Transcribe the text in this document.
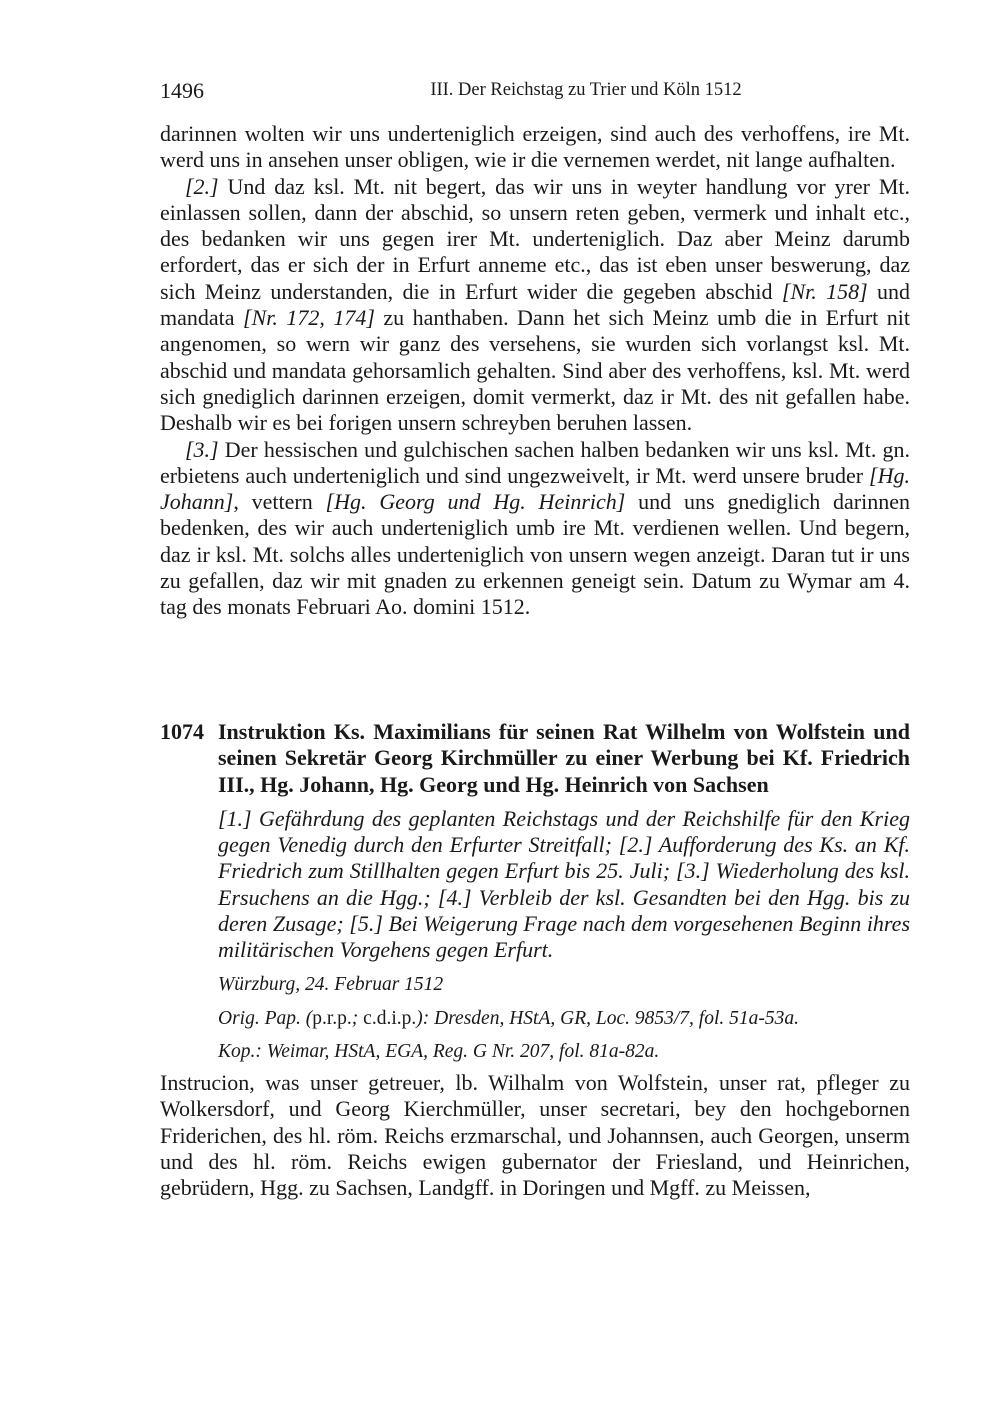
1496	III. Der Reichstag zu Trier und Köln 1512

darinnen wolten wir uns underteniglich erzeigen, sind auch des verhoffens, ire Mt. werd uns in ansehen unser obligen, wie ir die vernemen werdet, nit lange aufhalten.

[2.] Und daz ksl. Mt. nit begert, das wir uns in weyter handlung vor yrer Mt. einlassen sollen, dann der abschid, so unsern reten geben, vermerk und inhalt etc., des bedanken wir uns gegen irer Mt. underteniglich. Daz aber Meinz darumb erfordert, das er sich der in Erfurt anneme etc., das ist eben unser beswerung, daz sich Meinz understanden, die in Erfurt wider die gegeben abschid [Nr. 158] und mandata [Nr. 172, 174] zu hanthaben. Dann het sich Meinz umb die in Erfurt nit angenomen, so wern wir ganz des versehens, sie wurden sich vorlangst ksl. Mt. abschid und mandata gehorsamlich gehalten. Sind aber des verhoffens, ksl. Mt. werd sich gnediglich darinnen erzeigen, domit vermerkt, daz ir Mt. des nit gefallen habe. Deshalb wir es bei forigen unsern schreyben beruhen lassen.

[3.] Der hessischen und gulchischen sachen halben bedanken wir uns ksl. Mt. gn. erbietens auch underteniglich und sind ungezweivelt, ir Mt. werd unsere bruder [Hg. Johann], vettern [Hg. Georg und Hg. Heinrich] und uns gnediglich darinnen bedenken, des wir auch underteniglich umb ire Mt. verdienen wellen. Und begern, daz ir ksl. Mt. solchs alles underteniglich von unsern wegen anzeigt. Daran tut ir uns zu gefallen, daz wir mit gnaden zu erkennen geneigt sein. Datum zu Wymar am 4. tag des monats Februari Ao. domini 1512.

1074 Instruktion Ks. Maximilians für seinen Rat Wilhelm von Wolfstein und seinen Sekretär Georg Kirchmüller zu einer Werbung bei Kf. Friedrich III., Hg. Johann, Hg. Georg und Hg. Heinrich von Sachsen

[1.] Gefährdung des geplanten Reichstags und der Reichshilfe für den Krieg gegen Venedig durch den Erfurter Streitfall; [2.] Aufforderung des Ks. an Kf. Friedrich zum Stillhalten gegen Erfurt bis 25. Juli; [3.] Wiederholung des ksl. Ersuchens an die Hgg.; [4.] Verbleib der ksl. Gesandten bei den Hgg. bis zu deren Zusage; [5.] Bei Weigerung Frage nach dem vorgesehenen Beginn ihres militärischen Vorgehens gegen Erfurt.

Würzburg, 24. Februar 1512

Orig. Pap. (p.r.p.; c.d.i.p.): Dresden, HStA, GR, Loc. 9853/7, fol. 51a-53a.

Kop.: Weimar, HStA, EGA, Reg. G Nr. 207, fol. 81a-82a.

Instrucion, was unser getreuer, lb. Wilhalm von Wolfstein, unser rat, pfleger zu Wolkersdorf, und Georg Kierchmüller, unser secretari, bey den hochgebornen Friderichen, des hl. röm. Reichs erzmarschal, und Johannsen, auch Georgen, unserm und des hl. röm. Reichs ewigen gubernator der Friesland, und Heinrichen, gebrüdern, Hgg. zu Sachsen, Landgff. in Doringen und Mgff. zu Meissen,
